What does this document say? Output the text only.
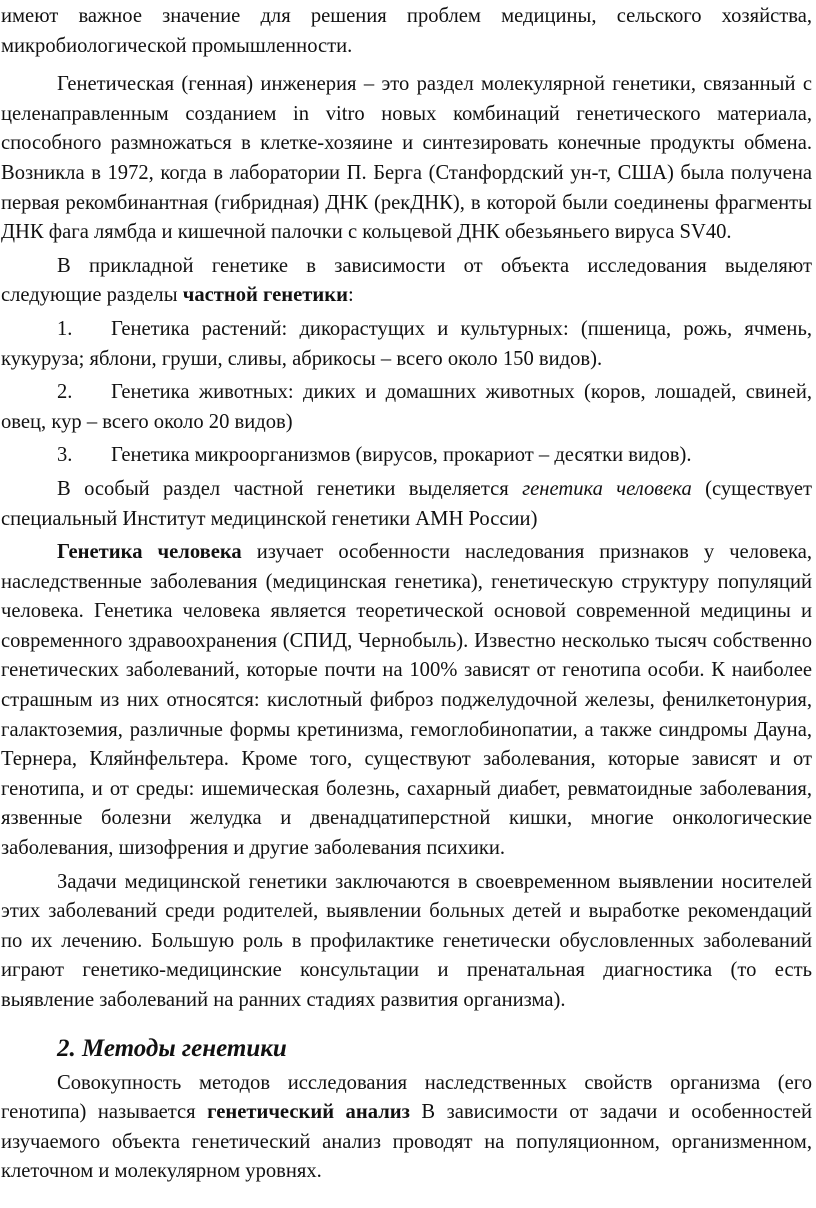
имеют важное значение для решения проблем медицины, сельского хозяйства, микробиологической промышленности.

Генетическая (генная) инженерия – это раздел молекулярной генетики, связанный с целенаправленным созданием in vitro новых комбинаций генетического материала, способного размножаться в клетке-хозяине и синтезировать конечные продукты обмена. Возникла в 1972, когда в лаборатории П. Берга (Станфордский ун-т, США) была получена первая рекомбинантная (гибридная) ДНК (рекДНК), в которой были соединены фрагменты ДНК фага лямбда и кишечной палочки с кольцевой ДНК обезьяньего вируса SV40.

В прикладной генетике в зависимости от объекта исследования выделяют следующие разделы частной генетики:

1. Генетика растений: дикорастущих и культурных: (пшеница, рожь, ячмень, кукуруза; яблони, груши, сливы, абрикосы – всего около 150 видов).

2. Генетика животных: диких и домашних животных (коров, лошадей, свиней, овец, кур – всего около 20 видов)

3. Генетика микроорганизмов (вирусов, прокариот – десятки видов).

В особый раздел частной генетики выделяется генетика человека (существует специальный Институт медицинской генетики АМН России)

Генетика человека изучает особенности наследования признаков у человека, наследственные заболевания (медицинская генетика), генетическую структуру популяций человека. Генетика человека является теоретической основой современной медицины и современного здравоохранения (СПИД, Чернобыль). Известно несколько тысяч собственно генетических заболеваний, которые почти на 100% зависят от генотипа особи. К наиболее страшным из них относятся: кислотный фиброз поджелудочной железы, фенилкетонурия, галактоземия, различные формы кретинизма, гемоглобинопатии, а также синдромы Дауна, Тернера, Кляйнфельтера. Кроме того, существуют заболевания, которые зависят и от генотипа, и от среды: ишемическая болезнь, сахарный диабет, ревматоидные заболевания, язвенные болезни желудка и двенадцатиперстной кишки, многие онкологические заболевания, шизофрения и другие заболевания психики.

Задачи медицинской генетики заключаются в своевременном выявлении носителей этих заболеваний среди родителей, выявлении больных детей и выработке рекомендаций по их лечению. Большую роль в профилактике генетически обусловленных заболеваний играют генетико-медицинские консультации и пренатальная диагностика (то есть выявление заболеваний на ранних стадиях развития организма).

2. Методы генетики

Совокупность методов исследования наследственных свойств организма (его генотипа) называется генетический анализ В зависимости от задачи и особенностей изучаемого объекта генетический анализ проводят на популяционном, организменном, клеточном и молекулярном уровнях.
